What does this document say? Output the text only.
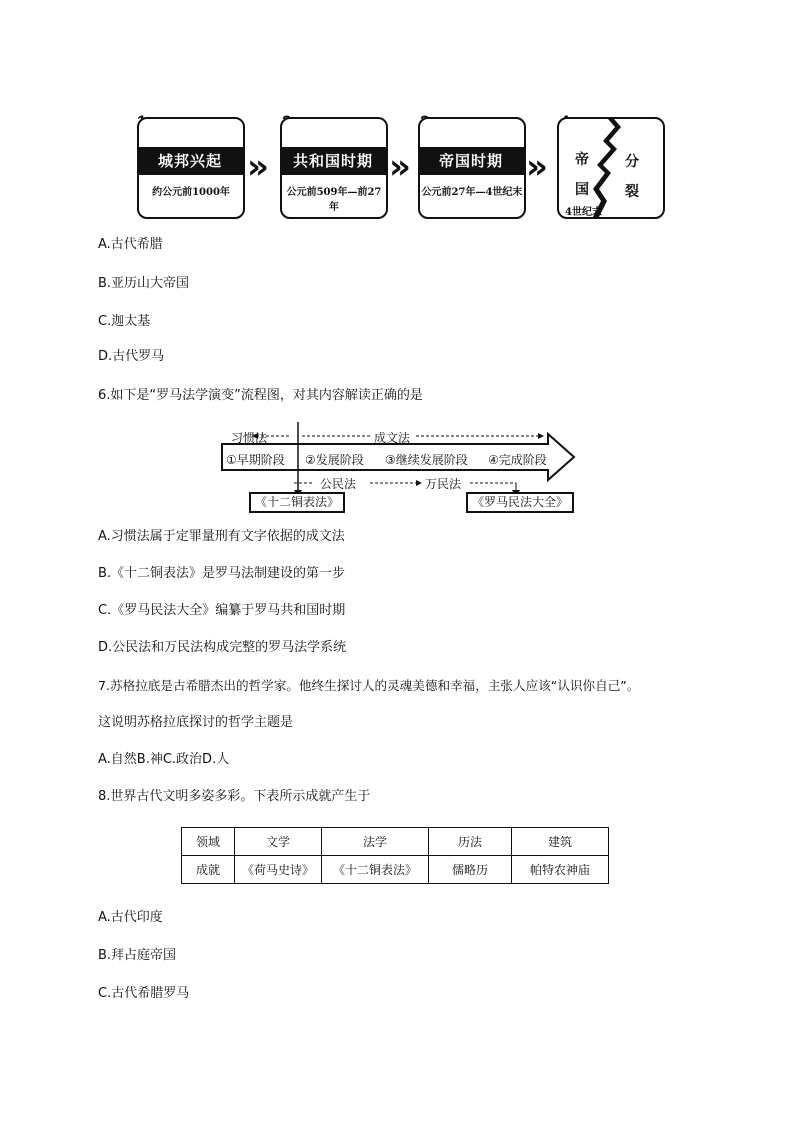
城邦兴起
约公元前1000年
»	共和国时期
公元前509年—前27年
»	帝国时期
公元前27年—4世纪末
» 帝
国
分
裂
4世纪末
A.古代希腊
B.亚历山大帝国
C.迦太基
D.古代罗马
6.如下是“罗马法学演变”流程图，对其内容解读正确的是
习惯法	成文法
①早期阶段 ②发展阶段 ③继续发展阶段 ④完成阶段
公民法	万民法
《十二铜表法》	《罗马民法大全》
A.习惯法属于定罪量刑有文字依据的成文法
B.《十二铜表法》是罗马法制建设的第一步
C.《罗马民法大全》编纂于罗马共和国时期
D.公民法和万民法构成完整的罗马法学系统
7.苏格拉底是古希腊杰出的哲学家。他终生探讨人的灵魂美德和幸福，主张人应该“认识你自己”。
这说明苏格拉底探讨的哲学主题是
A.自然B.神C.政治D.人
8.世界古代文明多姿多彩。下表所示成就产生于
领域	文学	法学	历法	建筑
成就	《荷马史诗》	《十二铜表法》	儒略历	帕特农神庙
A.古代印度
B.拜占庭帝国
C.古代希腊罗马
